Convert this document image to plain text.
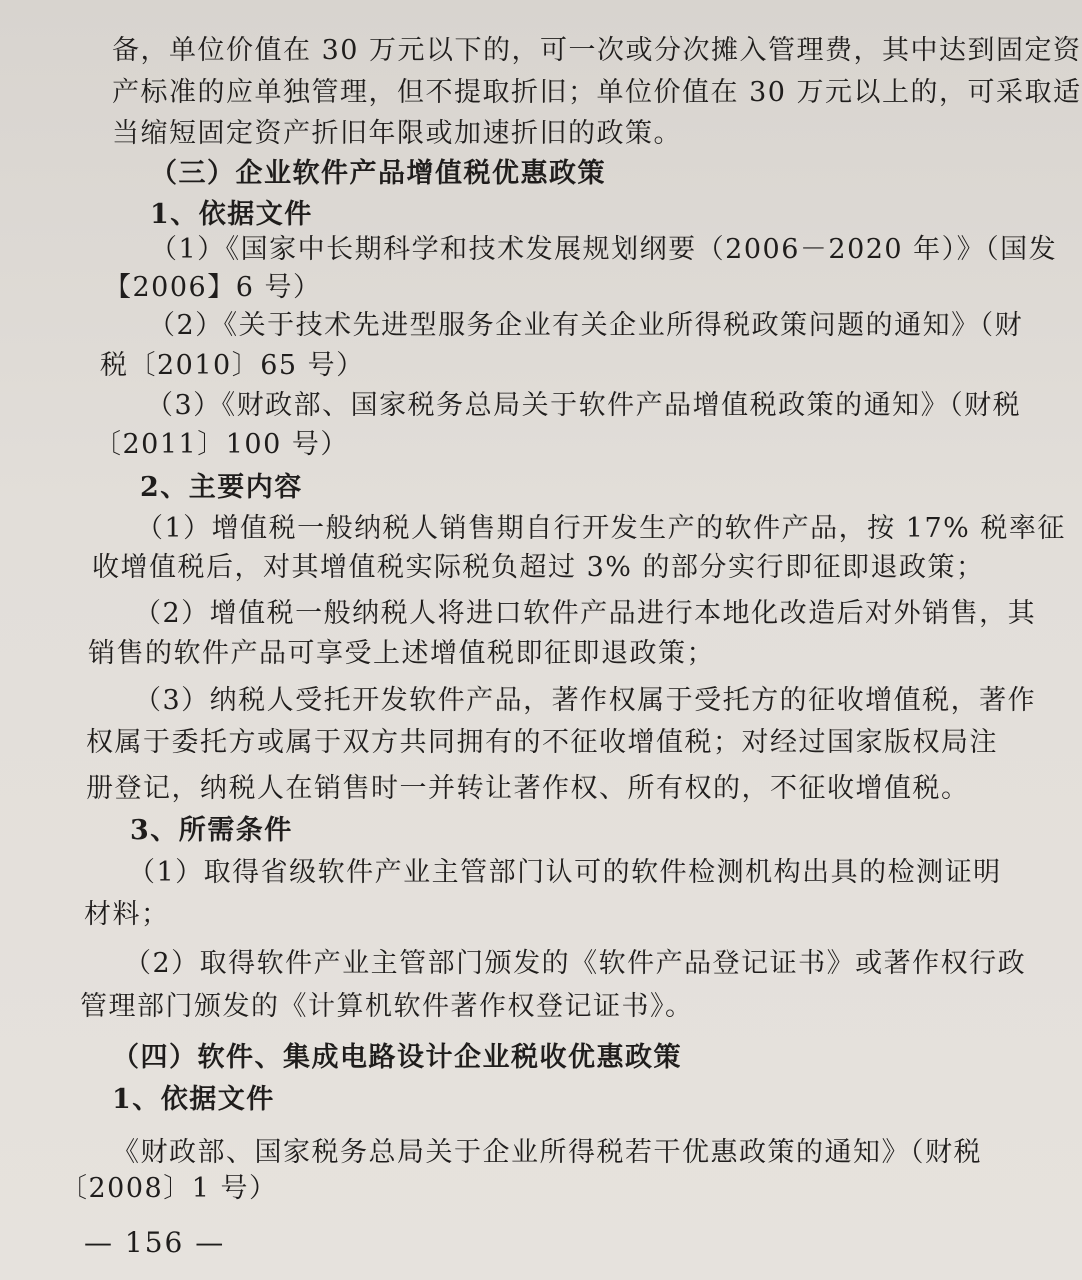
备，单位价值在 30 万元以下的，可一次或分次摊入管理费，其中达到固定资
产标准的应单独管理，但不提取折旧；单位价值在 30 万元以上的，可采取适
当缩短固定资产折旧年限或加速折旧的政策。
（三）企业软件产品增值税优惠政策
1、依据文件
（1）《国家中长期科学和技术发展规划纲要（2006－2020 年）》（国发
【2006】6 号）
（2）《关于技术先进型服务企业有关企业所得税政策问题的通知》（财
税〔2010〕65 号）
（3）《财政部、国家税务总局关于软件产品增值税政策的通知》（财税
〔2011〕100 号）
2、主要内容
（1）增值税一般纳税人销售期自行开发生产的软件产品，按 17% 税率征
收增值税后，对其增值税实际税负超过 3% 的部分实行即征即退政策；
（2）增值税一般纳税人将进口软件产品进行本地化改造后对外销售，其
销售的软件产品可享受上述增值税即征即退政策；
（3）纳税人受托开发软件产品，著作权属于受托方的征收增值税，著作
权属于委托方或属于双方共同拥有的不征收增值税；对经过国家版权局注
册登记，纳税人在销售时一并转让著作权、所有权的，不征收增值税。
3、所需条件
（1）取得省级软件产业主管部门认可的软件检测机构出具的检测证明
材料；
（2）取得软件产业主管部门颁发的《软件产品登记证书》或著作权行政
管理部门颁发的《计算机软件著作权登记证书》。
（四）软件、集成电路设计企业税收优惠政策
1、依据文件
《财政部、国家税务总局关于企业所得税若干优惠政策的通知》（财税
〔2008〕1 号）
— 156 —
